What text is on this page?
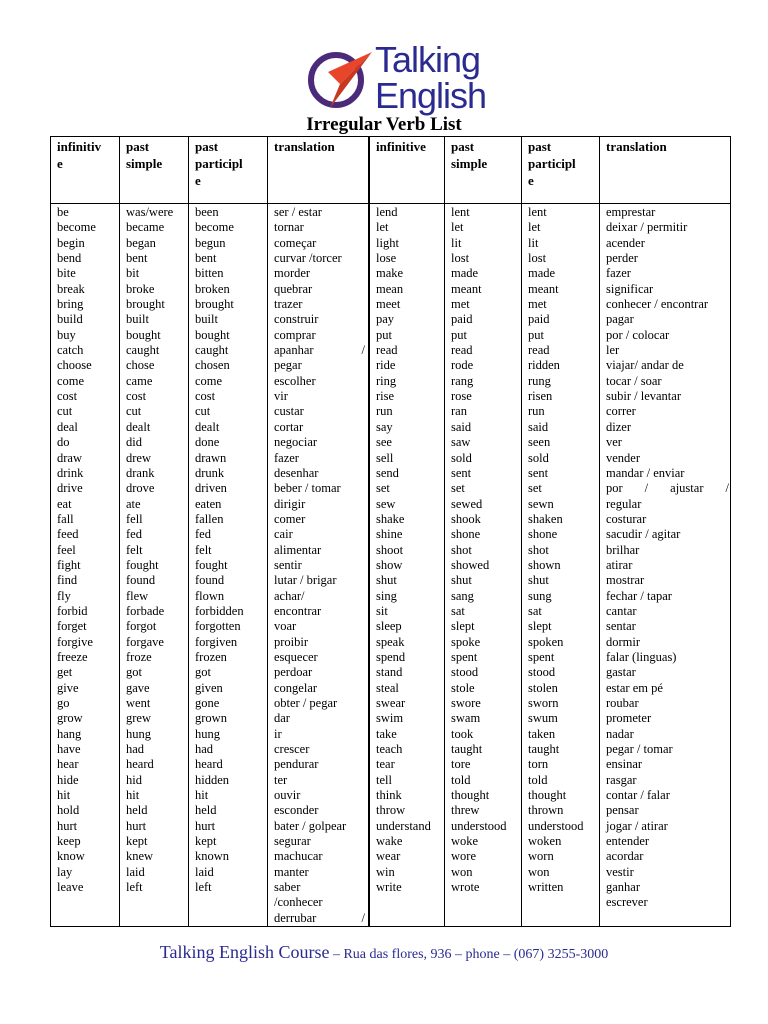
Talking
English
Irregular Verb List
infinitiv
e
be
become
begin
bend
bite
break
bring
build
buy
catch
choose
come
cost
cut
deal
do
draw
drink
drive
eat
fall
feed
feel
fight
find
fly
forbid
forget
forgive
freeze
get
give
go
grow
hang
have
hear
hide
hit
hold
hurt
keep
know
lay
leave
past
simple
was/were
became
began
bent
bit
broke
brought
built
bought
caught
chose
came
cost
cut
dealt
did
drew
drank
drove
ate
fell
fed
felt
fought
found
flew
forbade
forgot
forgave
froze
got
gave
went
grew
hung
had
heard
hid
hit
held
hurt
kept
knew
laid
left
past
participl
e
been
become
begun
bent
bitten
broken
brought
built
bought
caught
chosen
come
cost
cut
dealt
done
drawn
drunk
driven
eaten
fallen
fed
felt
fought
found
flown
forbidden
forgotten
forgiven
frozen
got
given
gone
grown
hung
had
heard
hidden
hit
held
hurt
kept
known
laid
left
translation
ser / estar
tornar
começar
curvar /torcer
morder
quebrar
trazer
construir
comprar
apanhar	/
pegar
escolher
vir
custar
cortar
negociar
fazer
desenhar
beber / tomar
dirigir
comer
cair
alimentar
sentir
lutar / brigar
achar/
encontrar
voar
proibir
esquecer
perdoar
congelar
obter / pegar
dar
ir
crescer
pendurar
ter
ouvir
esconder
bater / golpear
segurar
machucar
manter
saber
/conhecer
derrubar	/
infinitive
lend
let
light
lose
make
mean
meet
pay
put
read
ride
ring
rise
run
say
see
sell
send
set
sew
shake
shine
shoot
show
shut
sing
sit
sleep
speak
spend
stand
steal
swear
swim
take
teach
tear
tell
think
throw
understand
wake
wear
win
write
past
simple
lent
let
lit
lost
made
meant
met
paid
put
read
rode
rang
rose
ran
said
saw
sold
sent
set
sewed
shook
shone
shot
showed
shut
sang
sat
slept
spoke
spent
stood
stole
swore
swam
took
taught
tore
told
thought
threw
understood
woke
wore
won
wrote
past
participl
e
lent
let
lit
lost
made
meant
met
paid
put
read
ridden
rung
risen
run
said
seen
sold
sent
set
sewn
shaken
shone
shot
shown
shut
sung
sat
slept
spoken
spent
stood
stolen
sworn
swum
taken
taught
torn
told
thought
thrown
understood
woken
worn
won
written
translation
emprestar
deixar / permitir
acender
perder
fazer
significar
conhecer / encontrar
pagar
por / colocar
ler
viajar/ andar de
tocar / soar
subir / levantar
correr
dizer
ver
vender
mandar / enviar
por / ajustar /
regular
costurar
sacudir / agitar
brilhar
atirar
mostrar
fechar / tapar
cantar
sentar
dormir
falar (linguas)
gastar
estar em pé
roubar
prometer
nadar
pegar / tomar
ensinar
rasgar
contar / falar
pensar
jogar / atirar
entender
acordar
vestir
ganhar
escrever
Talking English Course – Rua das flores, 936 – phone – (067) 3255-3000
